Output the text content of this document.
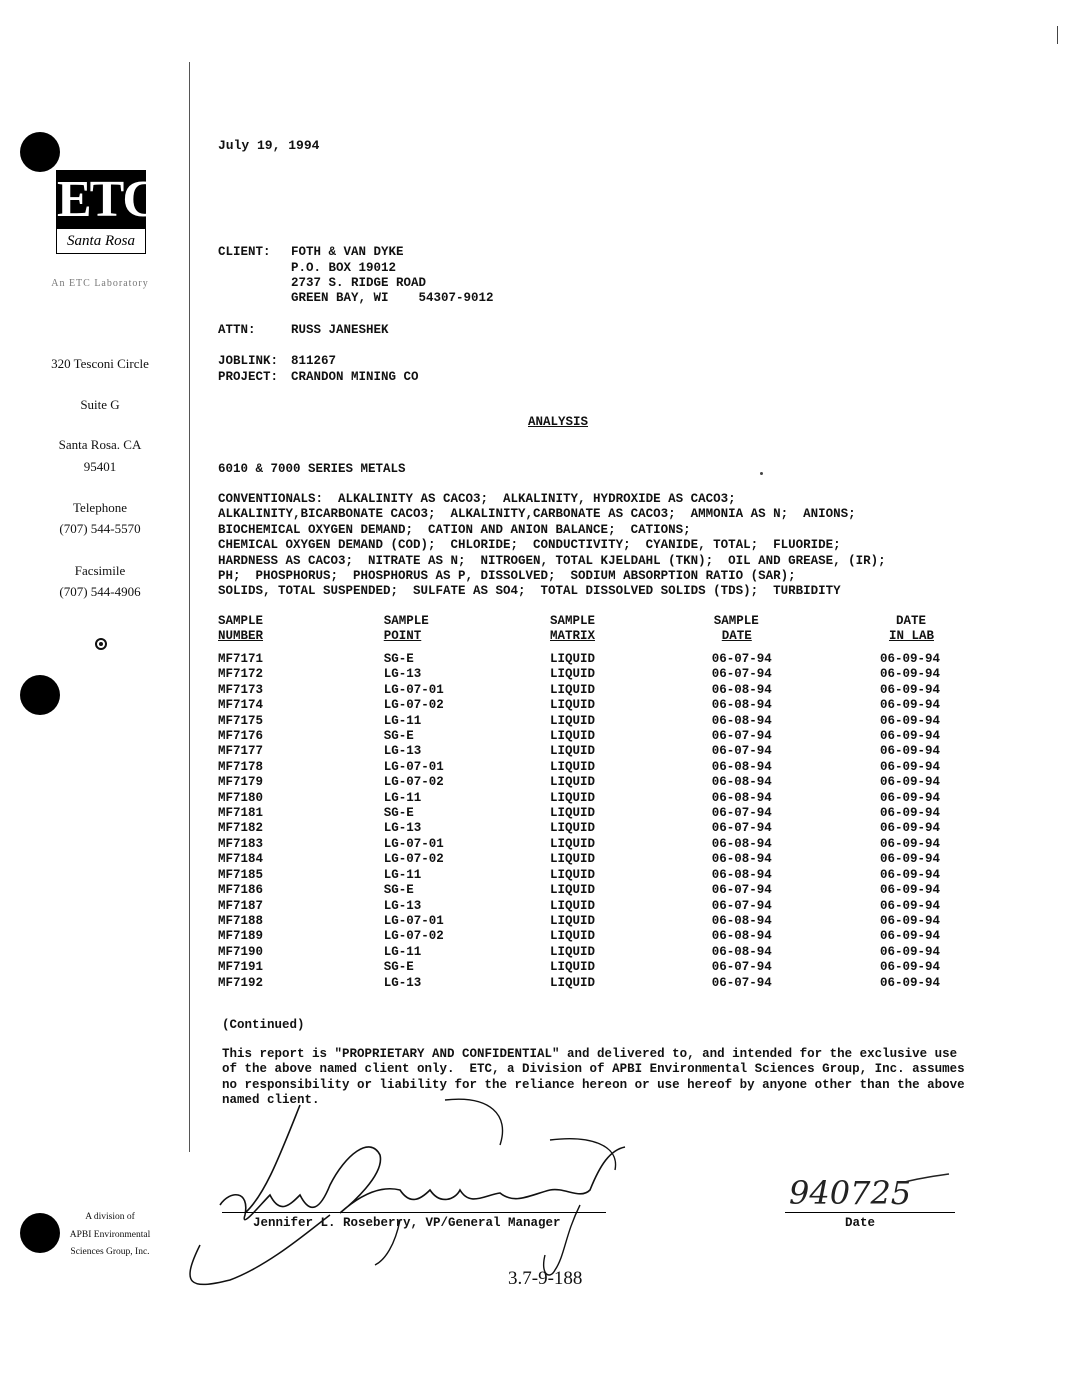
ETC
Santa Rosa
An ETC Laboratory
320 Tesconi Circle
Suite G
Santa Rosa. CA
95401
Telephone
(707) 544-5570
Facsimile
(707) 544-4906
A division of
APBI Environmental
Sciences Group, Inc.
July 19, 1994
CLIENT: FOTH & VAN DYKE
P.O. BOX 19012
2737 S. RIDGE ROAD
GREEN BAY, WI    54307-9012
ATTN:	RUSS JANESHEK
JOBLINK: 811267
PROJECT: CRANDON MINING CO
ANALYSIS
6010 & 7000 SERIES METALS
CONVENTIONALS:  ALKALINITY AS CACO3;  ALKALINITY, HYDROXIDE AS CACO3;
ALKALINITY,BICARBONATE CACO3;  ALKALINITY,CARBONATE AS CACO3;  AMMONIA AS N;  ANIONS;
BIOCHEMICAL OXYGEN DEMAND;  CATION AND ANION BALANCE;  CATIONS;
CHEMICAL OXYGEN DEMAND (COD);  CHLORIDE;  CONDUCTIVITY;  CYANIDE, TOTAL;  FLUORIDE;
HARDNESS AS CACO3;  NITRATE AS N;  NITROGEN, TOTAL KJELDAHL (TKN);  OIL AND GREASE, (IR);
PH;  PHOSPHORUS;  PHOSPHORUS AS P, DISSOLVED;  SODIUM ABSORPTION RATIO (SAR);
SOLIDS, TOTAL SUSPENDED;  SULFATE AS SO4;  TOTAL DISSOLVED SOLIDS (TDS);  TURBIDITY
SAMPLE	SAMPLE	SAMPLE	SAMPLE	DATE
NUMBER	POINT	MATRIX	DATE	IN LAB

MF7171	SG-E	LIQUID	06-07-94	06-09-94
MF7172	LG-13	LIQUID	06-07-94	06-09-94
MF7173	LG-07-01	LIQUID	06-08-94	06-09-94
MF7174	LG-07-02	LIQUID	06-08-94	06-09-94
MF7175	LG-11	LIQUID	06-08-94	06-09-94
MF7176	SG-E	LIQUID	06-07-94	06-09-94
MF7177	LG-13	LIQUID	06-07-94	06-09-94
MF7178	LG-07-01	LIQUID	06-08-94	06-09-94
MF7179	LG-07-02	LIQUID	06-08-94	06-09-94
MF7180	LG-11	LIQUID	06-08-94	06-09-94
MF7181	SG-E	LIQUID	06-07-94	06-09-94
MF7182	LG-13	LIQUID	06-07-94	06-09-94
MF7183	LG-07-01	LIQUID	06-08-94	06-09-94
MF7184	LG-07-02	LIQUID	06-08-94	06-09-94
MF7185	LG-11	LIQUID	06-08-94	06-09-94
MF7186	SG-E	LIQUID	06-07-94	06-09-94
MF7187	LG-13	LIQUID	06-07-94	06-09-94
MF7188	LG-07-01	LIQUID	06-08-94	06-09-94
MF7189	LG-07-02	LIQUID	06-08-94	06-09-94
MF7190	LG-11	LIQUID	06-08-94	06-09-94
MF7191	SG-E	LIQUID	06-07-94	06-09-94
MF7192	LG-13	LIQUID	06-07-94	06-09-94
(Continued)
This report is "PROPRIETARY AND CONFIDENTIAL" and delivered to, and intended for the exclusive use
of the above named client only.  ETC, a Division of APBI Environmental Sciences Group, Inc. assumes
no responsibility or liability for the reliance hereon or use hereof by anyone other than the above
named client.
Jennifer L. Roseberry, VP/General Manager
940725
Date
3.7-9-188
